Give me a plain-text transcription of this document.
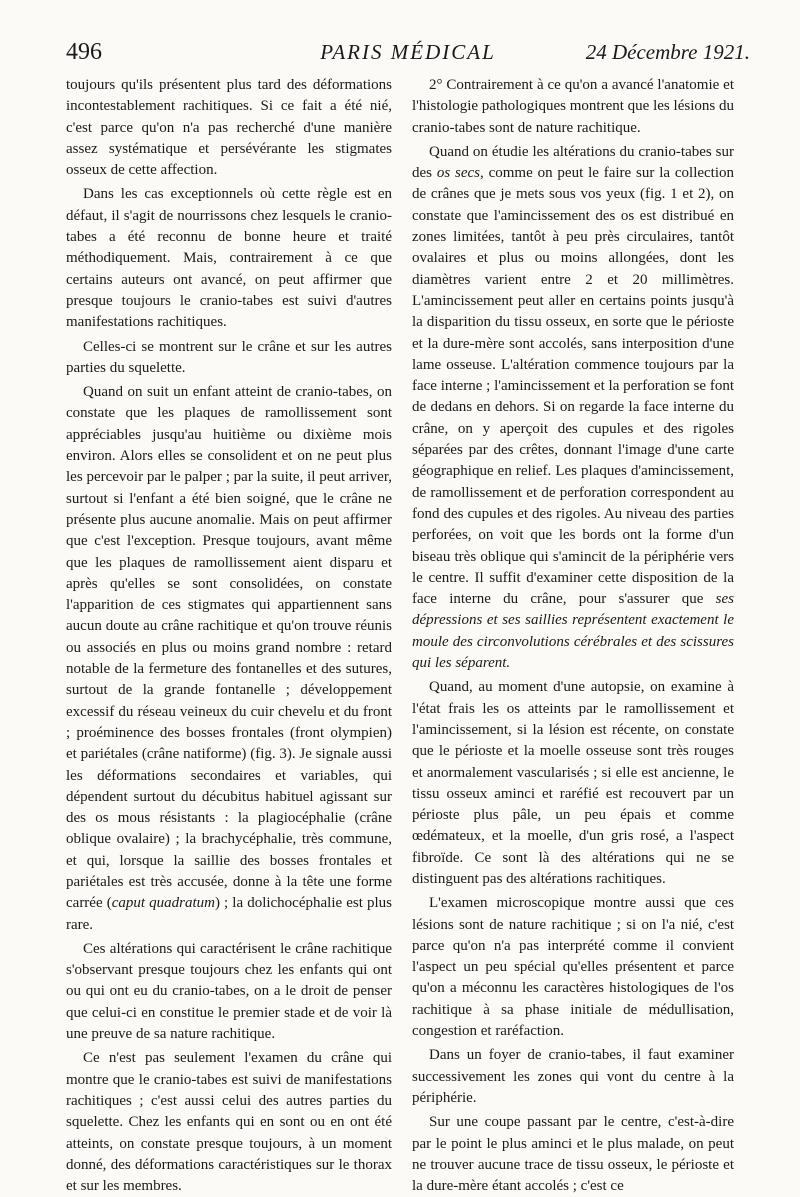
PARIS MÉDICAL
496	24 Décembre 1921.

toujours qu'ils présentent plus tard des déformations incontestablement rachitiques. Si ce fait a été nié, c'est parce qu'on n'a pas recherché d'une manière assez systématique et persévérante les stigmates osseux de cette affection.

Dans les cas exceptionnels où cette règle est en défaut, il s'agit de nourrissons chez lesquels le cranio-tabes a été reconnu de bonne heure et traité méthodiquement. Mais, contrairement à ce que certains auteurs ont avancé, on peut affirmer que presque toujours le cranio-tabes est suivi d'autres manifestations rachitiques.

Celles-ci se montrent sur le crâne et sur les autres parties du squelette.

Quand on suit un enfant atteint de cranio-tabes, on constate que les plaques de ramollissement sont appréciables jusqu'au huitième ou dixième mois environ. Alors elles se consolident et on ne peut plus les percevoir par le palper ; par la suite, il peut arriver, surtout si l'enfant a été bien soigné, que le crâne ne présente plus aucune anomalie. Mais on peut affirmer que c'est l'exception. Presque toujours, avant même que les plaques de ramollissement aient disparu et après qu'elles se sont consolidées, on constate l'apparition de ces stigmates qui appartiennent sans aucun doute au crâne rachitique et qu'on trouve réunis ou associés en plus ou moins grand nombre : retard notable de la fermeture des fontanelles et des sutures, surtout de la grande fontanelle ; développement excessif du réseau veineux du cuir chevelu et du front ; proéminence des bosses frontales (front olympien) et pariétales (crâne natiforme) (fig. 3). Je signale aussi les déformations secondaires et variables, qui dépendent surtout du décubitus habituel agissant sur des os mous résistants : la plagiocéphalie (crâne oblique ovalaire) ; la brachycéphalie, très commune, et qui, lorsque la saillie des bosses frontales et pariétales est très accusée, donne à la tête une forme carrée (caput quadratum) ; la dolichocéphalie est plus rare.

Ces altérations qui caractérisent le crâne rachitique s'observant presque toujours chez les enfants qui ont ou qui ont eu du cranio-tabes, on a le droit de penser que celui-ci en constitue le premier stade et de voir là une preuve de sa nature rachitique.

Ce n'est pas seulement l'examen du crâne qui montre que le cranio-tabes est suivi de manifestations rachitiques ; c'est aussi celui des autres parties du squelette. Chez les enfants qui en sont ou en ont été atteints, on constate presque toujours, à un moment donné, des déformations caractéristiques sur le thorax et sur les membres.

2° Contrairement à ce qu'on a avancé l'anatomie et l'histologie pathologiques montrent que les lésions du cranio-tabes sont de nature rachitique.

Quand on étudie les altérations du cranio-tabes sur des os secs, comme on peut le faire sur la collection de crânes que je mets sous vos yeux (fig. 1 et 2), on constate que l'amincissement des os est distribué en zones limitées, tantôt à peu près circulaires, tantôt ovalaires et plus ou moins allongées, dont les diamètres varient entre 2 et 20 millimètres. L'amincissement peut aller en certains points jusqu'à la disparition du tissu osseux, en sorte que le périoste et la dure-mère sont accolés, sans interposition d'une lame osseuse. L'altération commence toujours par la face interne ; l'amincissement et la perforation se font de dedans en dehors. Si on regarde la face interne du crâne, on y aperçoit des cupules et des rigoles séparées par des crêtes, donnant l'image d'une carte géographique en relief. Les plaques d'amincissement, de ramollissement et de perforation correspondent au fond des cupules et des rigoles. Au niveau des parties perforées, on voit que les bords ont la forme d'un biseau très oblique qui s'amincit de la périphérie vers le centre. Il suffit d'examiner cette disposition de la face interne du crâne, pour s'assurer que ses dépressions et ses saillies représentent exactement le moule des circonvolutions cérébrales et des scissures qui les séparent.

Quand, au moment d'une autopsie, on examine à l'état frais les os atteints par le ramollissement et l'amincissement, si la lésion est récente, on constate que le périoste et la moelle osseuse sont très rouges et anormalement vascularisés ; si elle est ancienne, le tissu osseux aminci et raréfié est recouvert par un périoste plus pâle, un peu épais et comme œdémateux, et la moelle, d'un gris rosé, a l'aspect fibroïde. Ce sont là des altérations qui ne se distinguent pas des altérations rachitiques.

L'examen microscopique montre aussi que ces lésions sont de nature rachitique ; si on l'a nié, c'est parce qu'on n'a pas interprété comme il convient l'aspect un peu spécial qu'elles présentent et parce qu'on a méconnu les caractères histologiques de l'os rachitique à sa phase initiale de médullisation, congestion et raréfaction.

Dans un foyer de cranio-tabes, il faut examiner successivement les zones qui vont du centre à la périphérie.

Sur une coupe passant par le centre, c'est-à-dire par le point le plus aminci et le plus malade, on peut ne trouver aucune trace de tissu osseux, le périoste et la dure-mère étant accolés ; c'est ce
